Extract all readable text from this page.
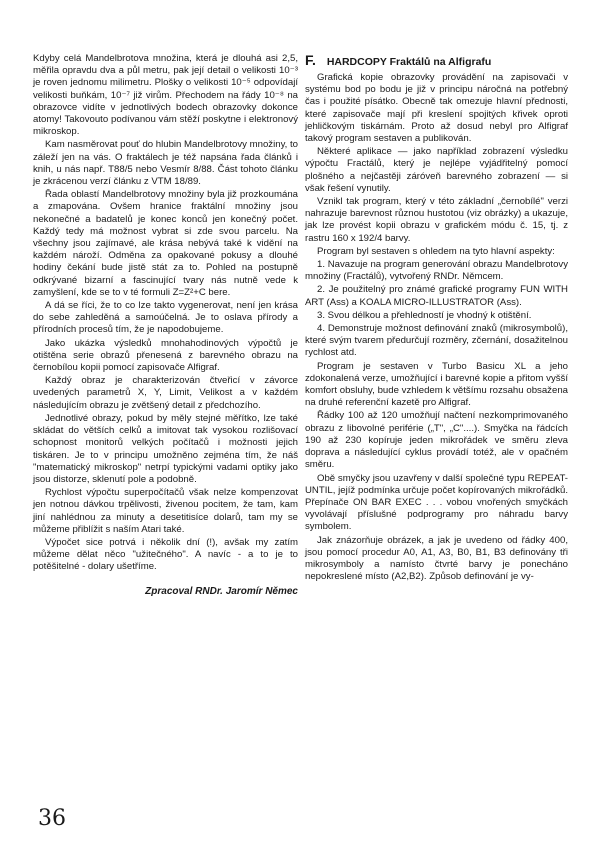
Kdyby celá Mandelbrotova množina, která je dlouhá asi 2,5, měřila opravdu dva a půl metru, pak její detail o velikosti 10⁻³ je roven jednomu milimetru. Plošky o velikosti 10⁻⁵ odpovídají velikosti buňkám, 10⁻⁷ již virům. Přechodem na řády 10⁻⁸ na obrazovce vidíte v jednotlivých bodech obrazovky dokonce atomy! Takovouto podívanou vám stěží poskytne i elektronový mikroskop.

Kam nasměrovat pouť do hlubin Mandelbrotovy množiny, to záleží jen na vás. O fraktálech je též napsána řada článků i knih, u nás např. T88/5 nebo Vesmír 8/88. Část tohoto článku je zkrácenou verzí článku z VTM 18/89.

Řada oblastí Mandelbrotovy množiny byla již prozkoumána a zmapována. Ovšem hranice fraktální množiny jsou nekonečné a badatelů je konec konců jen konečný počet. Každý tedy má možnost vybrat si zde svou parcelu. Na všechny jsou zajímavé, ale krása nebývá také k vidění na každém nároží. Odměna za opakované pokusy a dlouhé hodiny čekání bude jistě stát za to. Pohled na postupně odkrývané bizarní a fascinující tvary nás nutně vede k zamyšlení, kde se to v té formuli Z=Z²+C bere.

A dá se říci, že to co lze takto vygenerovat, není jen krása do sebe zahleděná a samoúčelná. Je to oslava přírody a přírodních procesů tím, že je napodobujeme.

Jako ukázka výsledků mnohahodinových výpočtů je otištěna serie obrazů přenesená z barevného obrazu na černobílou kopii pomocí zapisovače Alfigraf.

Každý obraz je charakterizován čtveřicí v závorce uvedených parametrů X, Y, Limit, Velikost a v každém následujícím obrazu je zvětšený detail z předchozího.

Jednotlivé obrazy, pokud by měly stejné měřítko, lze také skládat do větších celků a imitovat tak vysokou rozlišovací schopnost monitorů velkých počítačů i možnosti jejich tiskáren. Je to v principu umožněno zejména tím, že náš "matematický mikroskop" netrpí typickými vadami optiky jako jsou distorze, sklenutí pole a podobně.

Rychlost výpočtu superpočítačů však nelze kompenzovat jen notnou dávkou trpělivosti, živenou pocitem, že tam, kam jiní nahlédnou za minuty a desetitisíce dolarů, tam my se můžeme přiblížit s naším Atari také.

Výpočet sice potrvá i několik dní (!), avšak my zatím můžeme dělat něco "užitečného". A navíc - a to je to potěšitelné - dolary ušetříme.

Zpracoval RNDr. Jaromír Němec
F. HARDCOPY Fraktálů na Alfigrafu

Grafická kopie obrazovky provádění na zapisovači v systému bod po bodu je již v principu náročná na potřebný čas i použité písátko. Obecně tak omezuje hlavní přednosti, které zapisovače mají při kreslení spojitých křivek oproti jehličkovým tiskárnám. Proto až dosud nebyl pro Alfigraf takový program sestaven a publikován.

Některé aplikace — jako například zobrazení výsledku výpočtu Fractálů, který je nejlépe vyjádřitelný pomocí plošného a nejčastěji záróveň barevného zobrazení — si však řešení vynutily.

Vznikl tak program, který v této základní „černobílé" verzi nahrazuje barevnost různou hustotou (viz obrázky) a ukazuje, jak lze provést kopii obrazu v grafickém módu č. 15, tj. z rastru 160 x 192/4 barvy.

Program byl sestaven s ohledem na tyto hlavní aspekty:

1. Navazuje na program generování obrazu Mandelbrotovy množiny (Fractálů), vytvořený RNDr. Němcem.

2. Je použitelný pro známé grafické programy FUN WITH ART (Ass) a KOALA MICRO-ILLUSTRATOR (Ass).

3. Svou délkou a přehledností je vhodný k otištění.

4. Demonstruje možnost definování znaků (mikrosymbolů), které svým tvarem předurčují rozměry, zčernání, dosažitelnou rychlost atd.

Program je sestaven v Turbo Basicu XL a jeho zdokonalená verze, umožňující i barevné kopie a přitom vyšší komfort obsluhy, bude vzhledem k většímu rozsahu obsažena na druhé referenční kazetě pro Alfigraf.

Řádky 100 až 120 umožňují načtení nezkomprimovaného obrazu z libovolné periférie („T", „C"....). Smyčka na řádcích 190 až 230 kopíruje jeden mikrořádek ve směru zleva doprava a následující cyklus provádí totéž, ale v opačném směru.

Obě smyčky jsou uzavřeny v další společné typu REPEAT-UNTIL, jejíž podmínka určuje počet kopírovaných mikrořádků. Přepínače ON BAR EXEC . . . vobou vnořených smyčkách vyvolávají příslušné podprogramy pro náhradu barvy symbolem.

Jak znázorňuje obrázek, a jak je uvedeno od řádky 400, jsou pomocí procedur A0, A1, A3, B0, B1, B3 definovány tři mikrosymboly a namísto čtvrté barvy je ponecháno nepokreslené místo (A2,B2). Způsob definování je vy-

36
